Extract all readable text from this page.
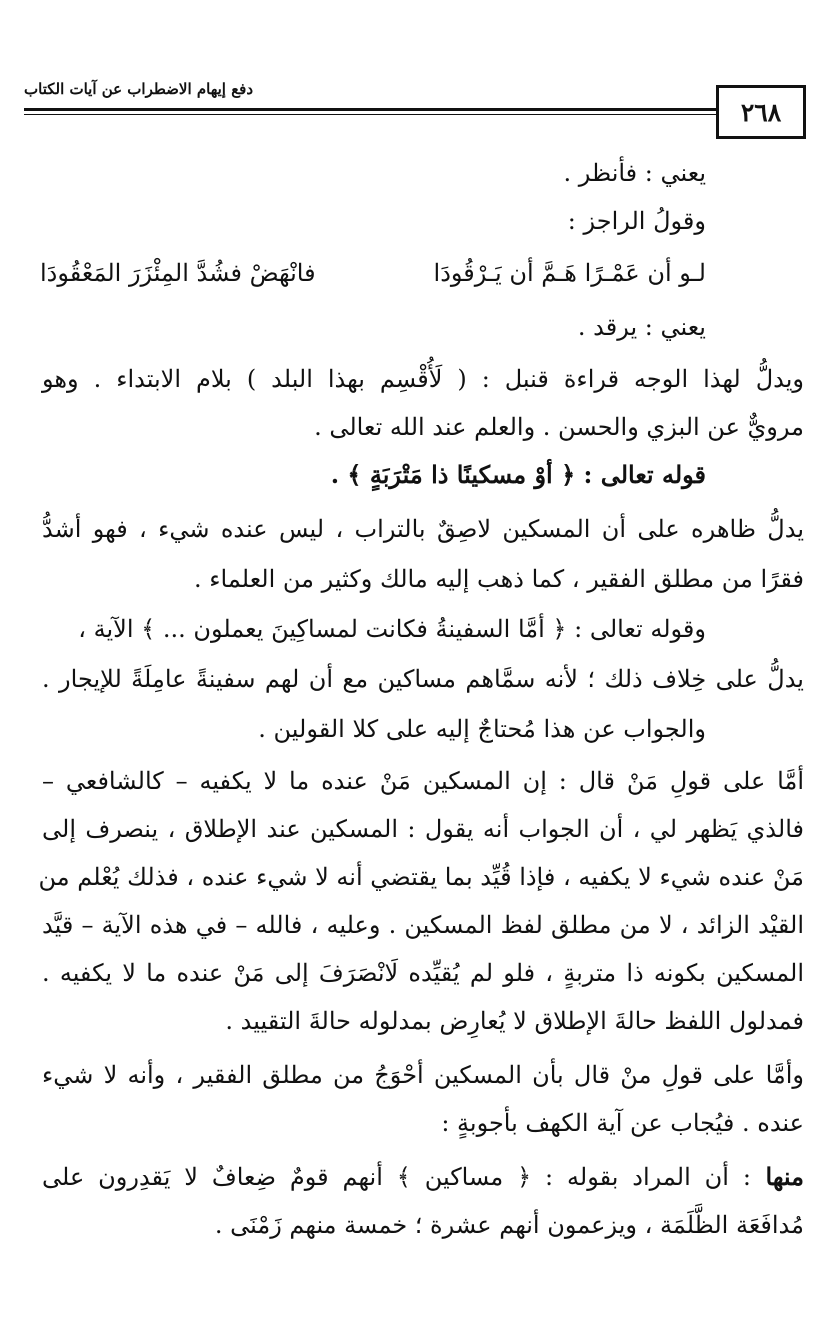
٢٦٨
دفع إيهام الاضطراب عن آيات الكتاب
يعني : فأنظر .
وقولُ الراجز :
لـو أن عَمْـرًا هَـمَّ أن يَـرْقُودَا
فانْهَضْ فشُدَّ المِئْزَرَ المَعْقُودَا
يعني : يرقد .
ويدلُّ لهذا الوجه قراءة قنبل : ( لَأُقْسِم بهذا البلد ) بلام الابتداء . وهو
مرويٌّ عن البزي والحسن . والعلم عند الله تعالى .
قوله تعالى : ﴿ أوْ مسكينًا ذا مَتْرَبَةٍ ﴾ .
يدلُّ ظاهره على أن المسكين لاصِقٌ بالتراب ، ليس عنده شيء ، فهو أشدُّ
فقرًا من مطلق الفقير ، كما ذهب إليه مالك وكثير من العلماء .
وقوله تعالى : ﴿ أمَّا السفينةُ فكانت لمساكِينَ يعملون ... ﴾ الآية ،
يدلُّ على خِلاف ذلك ؛ لأنه سمَّاهم مساكين مع أن لهم سفينةً عامِلَةً للإيجار .
والجواب عن هذا مُحتاجٌ إليه على كلا القولين .
أمَّا على قولِ مَنْ قال : إن المسكين مَنْ عنده ما لا يكفيه – كالشافعي –
فالذي يَظهر لي ، أن الجواب أنه يقول : المسكين عند الإطلاق ، ينصرف إلى
مَنْ عنده شيء لا يكفيه ، فإذا قُيِّد بما يقتضي أنه لا شيء عنده ، فذلك يُعْلم من
القيْد الزائد ، لا من مطلق لفظ المسكين . وعليه ، فالله – في هذه الآية – قيَّد
المسكين بكونه ذا متربةٍ ، فلو لم يُقيِّده لَانْصَرَفَ إلى مَنْ عنده ما لا يكفيه .
فمدلول اللفظ حالةَ الإطلاق لا يُعارِض بمدلوله حالةَ التقييد .
وأمَّا على قولِ منْ قال بأن المسكين أحْوَجُ من مطلق الفقير ، وأنه لا شيء
عنده . فيُجاب عن آية الكهف بأجوبةٍ :
منها : أن المراد بقوله : ﴿ مساكين ﴾ أنهم قومٌ ضِعافٌ لا يَقدِرون على
مُدافَعَة الظَّلَمَة ، ويزعمون أنهم عشرة ؛ خمسة منهم زَمْنَى .
